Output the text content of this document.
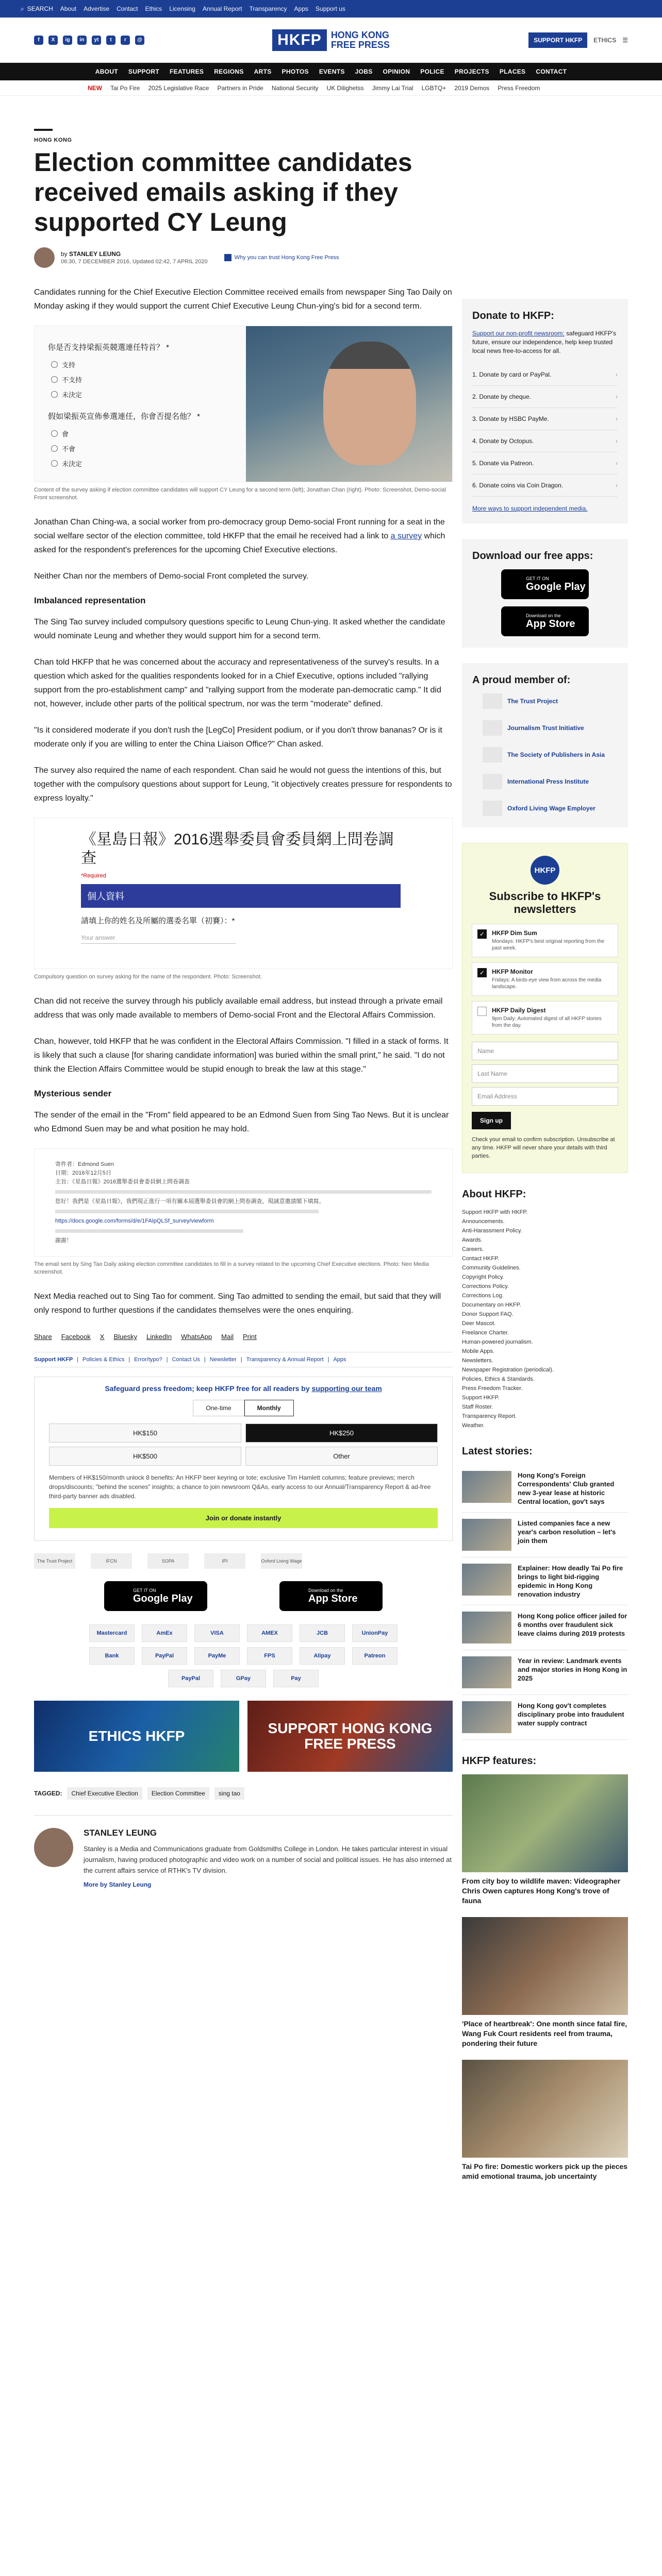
⌕ SEARCH About Advertise Contact Ethics Licensing Annual Report Transparency Apps Support us
f	X	ig	in	yt	t	r	@	HKFP	HONG KONG
FREE PRESS	SUPPORT HKFP	ETHICS ☰
ABOUT SUPPORT FEATURES REGIONS ARTS PHOTOS EVENTS JOBS OPINION POLICE PROJECTS PLACES CONTACT
NEW Tai Po Fire 2025 Legislative Race Partners in Pride National Security UK Dilighetss Jimmy Lai Trial LGBTQ+ 2019 Demos Press Freedom
HONG KONG
Election committee candidates received emails asking if they supported CY Leung
by STANLEY LEUNG
06:30, 7 DECEMBER 2016, Updated 02:42, 7 APRIL 2020
Why you can trust Hong Kong Free Press

Candidates running for the Chief Executive Election Committee received emails from newspaper Sing Tao Daily on Monday asking if they would support the current Chief Executive Leung Chun-ying's bid for a second term.

你是否支持梁振英競選連任特首？ *
支持
不支持
未決定
假如梁振英宣佈參選連任，你會否提名他？ *
會
不會
未決定
Content of the survey asking if election committee candidates will support CY Leung for a second term (left); Jonathan Chan (right). Photo: Screenshot, Demo-social Front screenshot.

Jonathan Chan Ching-wa, a social worker from pro-democracy group Demo-social Front running for a seat in the social welfare sector of the election committee, told HKFP that the email he received had a link to a survey which asked for the respondent's preferences for the upcoming Chief Executive elections.

Neither Chan nor the members of Demo-social Front completed the survey.

Imbalanced representation

The Sing Tao survey included compulsory questions specific to Leung Chun-ying. It asked whether the candidate would nominate Leung and whether they would support him for a second term.

Chan told HKFP that he was concerned about the accuracy and representativeness of the survey's results. In a question which asked for the qualities respondents looked for in a Chief Executive, options included "rallying support from the pro-establishment camp" and "rallying support from the moderate pan-democratic camp." It did not, however, include other parts of the political spectrum, nor was the term "moderate" defined.

"Is it considered moderate if you don't rush the [LegCo] President podium, or if you don't throw bananas? Or is it moderate only if you are willing to enter the China Liaison Office?" Chan asked.

The survey also required the name of each respondent. Chan said he would not guess the intentions of this, but together with the compulsory questions about support for Leung, "it objectively creates pressure for respondents to express loyalty."

《星島日報》2016選舉委員會委員網上問卷調查
*Required
個人資料
請填上你的姓名及所屬的選委名單（初賽）：*
Your answer
Compulsory question on survey asking for the name of the respondent. Photo: Screenshot.

Chan did not receive the survey through his publicly available email address, but instead through a private email address that was only made available to members of Demo-social Front and the Electoral Affairs Commission.

Chan, however, told HKFP that he was confident in the Electoral Affairs Commission. "I filled in a stack of forms. It is likely that such a clause [for sharing candidate information] was buried within the small print," he said. "I do not think the Election Affairs Committee would be stupid enough to break the law at this stage."

Mysterious sender

The sender of the email in the "From" field appeared to be an Edmond Suen from Sing Tao News. But it is unclear who Edmond Suen may be and what position he may hold.

寄件者：Edmond Suen
日期：2016年12月5日
主旨：《星島日報》2016選舉委員會委員網上問卷調查
您好！我們是《星島日報》，我們現正進行一項有關本屆選舉委員會的網上問卷調查，現誠意邀請閣下填寫。
https://docs.google.com/forms/d/e/1FAIpQLSf_survey/viewform
謝謝！
The email sent by Sing Tao Daily asking election committee candidates to fill in a survey related to the upcoming Chief Executive elections. Photo: Neo Media screenshot.

Next Media reached out to Sing Tao for comment. Sing Tao admitted to sending the email, but said that they will only respond to further questions if the candidates themselves were the ones enquiring.

Share Facebook X Bluesky LinkedIn WhatsApp Mail Print
Support HKFP | Policies & Ethics | Error/typo? | Contact Us | Newsletter | Transparency & Annual Report | Apps
Safeguard press freedom; keep HKFP free for all readers by supporting our team
One-time	Monthly
HK$150	HK$250
HK$500	Other
Members of HK$150/month unlock 8 benefits: An HKFP beer keyring or tote; exclusive Tim Hamlett columns; feature previews; merch drops/discounts; "behind the scenes" insights; a chance to join newsroom Q&As, early access to our Annual/Transparency Report & ad-free third-party banner ads disabled.
Join or donate instantly
The Trust Project	IFCN	SOPA	IPI	Oxford Living Wage
GET IT ON
Google Play
Download on the
App Store
Mastercard	AmEx	VISA	AMEX	JCB	UnionPay
Bank	PayPal	PayMe	FPS	Alipay	Patreon
PayPal	GPay	Pay
ETHICS HKFP	SUPPORT HONG KONG FREE PRESS
TAGGED:	Chief Executive Election	Election Committee	sing tao
STANLEY LEUNG
Stanley is a Media and Communications graduate from Goldsmiths College in London. He takes particular interest in visual journalism, having produced photographic and video work on a number of social and political issues. He has also interned at the current affairs service of RTHK's TV division.
More by Stanley Leung
Donate to HKFP:
Support our non-profit newsroom: safeguard HKFP's future, ensure our independence, help keep trusted local news free-to-access for all.
1. Donate by card or PayPal. ›
2. Donate by cheque. ›
3. Donate by HSBC PayMe. ›
4. Donate by Octopus. ›
5. Donate via Patreon. ›
6. Donate coins via Coin Dragon. ›
More ways to support independent media.
Download our free apps:
GET IT ON
Google Play
Download on the
App Store
A proud member of:
The Trust Project
Journalism Trust Initiative
The Society of Publishers in Asia
International Press Institute
Oxford Living Wage Employer
HKFP
Subscribe to HKFP's newsletters
✓	HKFP Dim Sum
Mondays: HKFP's best original reporting from the past week.
✓	HKFP Monitor
Fridays: A birds-eye view from across the media landscape.
HKFP Daily Digest
9pm Daily: Automated digest of all HKFP stories from the day.
Name
Last Name
Email Address
Sign up
Check your email to confirm subscription. Unsubscribe at any time. HKFP will never share your details with third parties.
About HKFP:
Support HKFP with HKFP.
Announcements.
Anti-Harassment Policy.
Awards.
Careers.
Contact HKFP.
Community Guidelines.
Copyright Policy.
Corrections Policy.
Corrections Log.
Documentary on HKFP.
Donor Support FAQ.
Deer Mascot.
Freelance Charter.
Human-powered journalism.
Mobile Apps.
Newsletters.
Newspaper Registration (periodical).
Policies, Ethics & Standards.
Press Freedom Tracker.
Support HKFP.
Staff Roster.
Transparency Report.
Weather.
Latest stories:
Hong Kong's Foreign Correspondents' Club granted new 3-year lease at historic Central location, gov't says
Listed companies face a new year's carbon resolution – let's join them
Explainer: How deadly Tai Po fire brings to light bid-rigging epidemic in Hong Kong renovation industry
Hong Kong police officer jailed for 6 months over fraudulent sick leave claims during 2019 protests
Year in review: Landmark events and major stories in Hong Kong in 2025
Hong Kong gov't completes disciplinary probe into fraudulent water supply contract
HKFP features:
From city boy to wildlife maven: Videographer Chris Owen captures Hong Kong's trove of fauna
'Place of heartbreak': One month since fatal fire, Wang Fuk Court residents reel from trauma, pondering their future
Tai Po fire: Domestic workers pick up the pieces amid emotional trauma, job uncertainty
